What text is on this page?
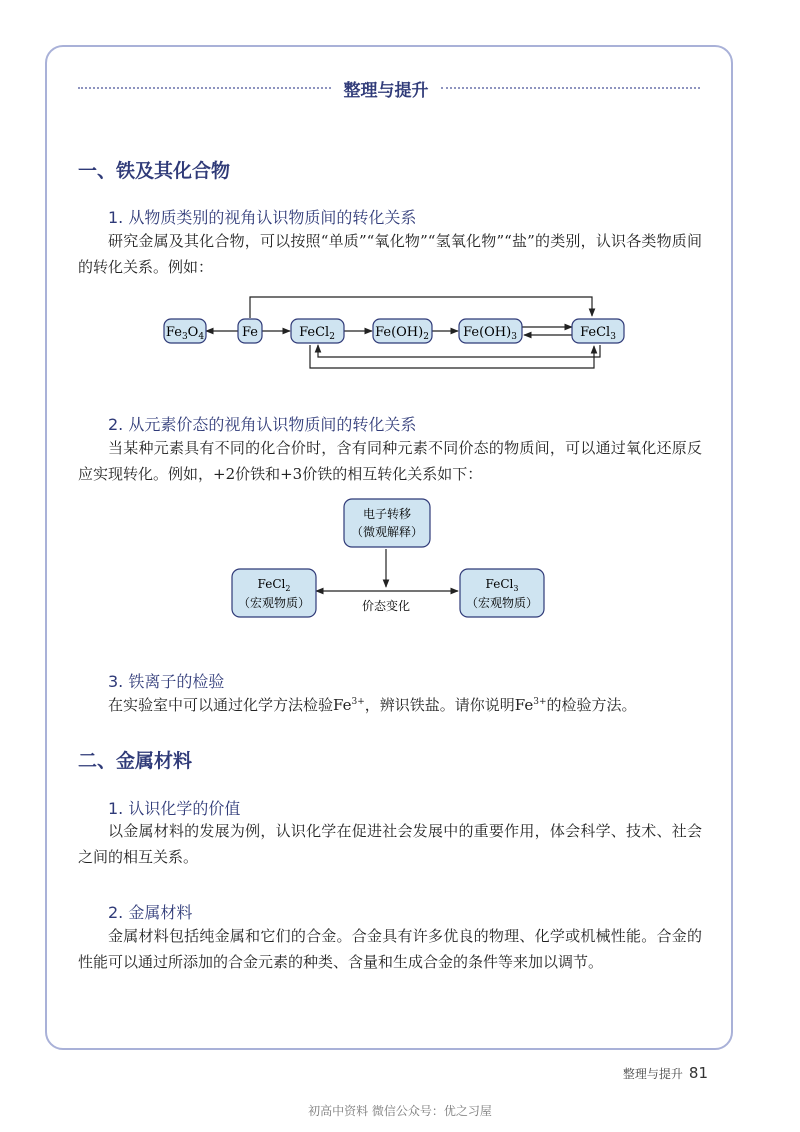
整理与提升
一、铁及其化合物
1. 从物质类别的视角认识物质间的转化关系

研究金属及其化合物，可以按照“单质”“氧化物”“氢氧化物”“盐”的类别，认识各类物质间的转化关系。例如：

$Fe_3O_4$	Fe	FeCl$_2$	$Fe(OH)_2$	$Fe(OH)_3$	FeCl$_3$
2. 从元素价态的视角认识物质间的转化关系

当某种元素具有不同的化合价时，含有同种元素不同价态的物质间，可以通过氧化还原反应实现转化。例如，+2价铁和+3价铁的相互转化关系如下：

电子转移
（微观解释）
FeCl$_2$
（宏观物质）
FeCl$_3$
（宏观物质）
价态变化
3. 铁离子的检验

在实验室中可以通过化学方法检验$Fe^{3+}$，辨识铁盐。请你说明$Fe^{3+}$的检验方法。

二、金属材料
1. 认识化学的价值

以金属材料的发展为例，认识化学在促进社会发展中的重要作用，体会科学、技术、社会之间的相互关系。

2. 金属材料

金属材料包括纯金属和它们的合金。合金具有许多优良的物理、化学或机械性能。合金的性能可以通过所添加的合金元素的种类、含量和生成合金的条件等来加以调节。

整理与提升 81
初高中资料 微信公众号：优之习屋
